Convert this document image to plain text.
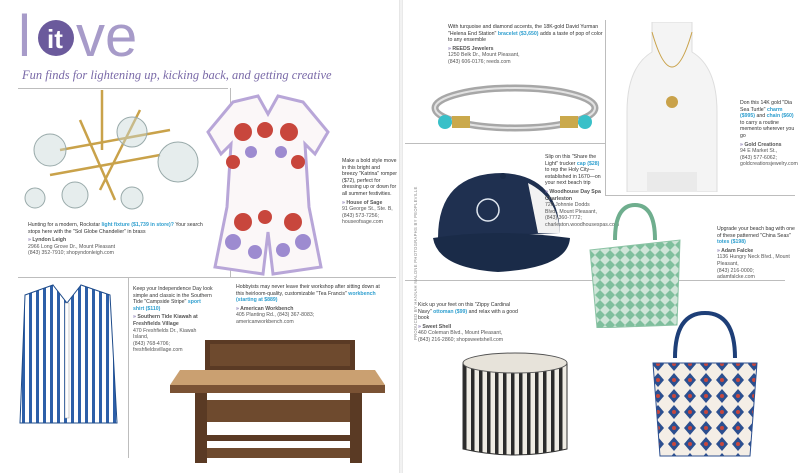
l it ve
Fun finds for lightening up, kicking back, and getting creative
Hunting for a modern, Rockstar light fixture ($1,739 in store)? Your search stops here with the "Sol Globe Chandelier" in brass
» Lyndon Leigh
2966 Long Grove Dr., Mount Pleasant
(843) 352-7910; shopyndonleigh.com
Make a bold style move in this bright and breezy "Katrina" romper ($72), perfect for dressing up or down for all summer festivities.
» House of Sage
91 George St., Ste. B,
(843) 573-7256;
houseofsage.com
Keep your Independence Day look simple and classic in the Southern Tide "Campside Stripe" sport shirt ($110)
» Southern Tide Kiawah at Freshfields Village
470 Freshfields Dr., Kiawah Island,
(843) 768-4706;
freshfieldsvillage.com
Hobbyists may never leave their workshop after sitting down at this heirloom-quality, customizable "Tea Francis" workbench (starting at $889)
» American Workbench
405 Planting Rd., (843) 367-8083;
americanworkbench.com
With turquoise and diamond accents, the 18K-gold David Yurman "Helena End Station" bracelet ($3,650) adds a taste of pop of color to any ensemble
» REEDS Jewelers
1250 Belk Dr., Mount Pleasant,
(843) 606-0176; reeds.com
Don this 14K gold "Dia Sea Turtle" charm ($995) and chain ($60) to carry a routine memento wherever you go
» Gold Creations
94 E Market St.,
(843) 577-6062;
goldcreationsjewelry.com
Slip on this "Share the Light" trucker cap ($28) to rep the Holy City—established in 1670—on your next beach trip
» Woodhouse Day Spa Charleston
726 Johnnie Dodds Blvd., Mount Pleasant,
(843) 360-7772;
charleston.woodhousespas.com
Upgrade your beach bag with one of these patterned "China Seas" totes ($198)
» Adam Falcke
1136 Hungry Neck Blvd., Mount Pleasant,
(843) 216-0000;
adamfalcke.com
Kick up your feet on this "Zippy Cardinal Navy" ottoman ($99) and relax with a good book
» Sweet Shell
460 Coleman Blvd., Mount Pleasant,
(843) 216-2860; shopsweetshell.com
PRODUCED BY HANNAH MALONE PHOTOGRAPHS BY PEOPLEVILLE
